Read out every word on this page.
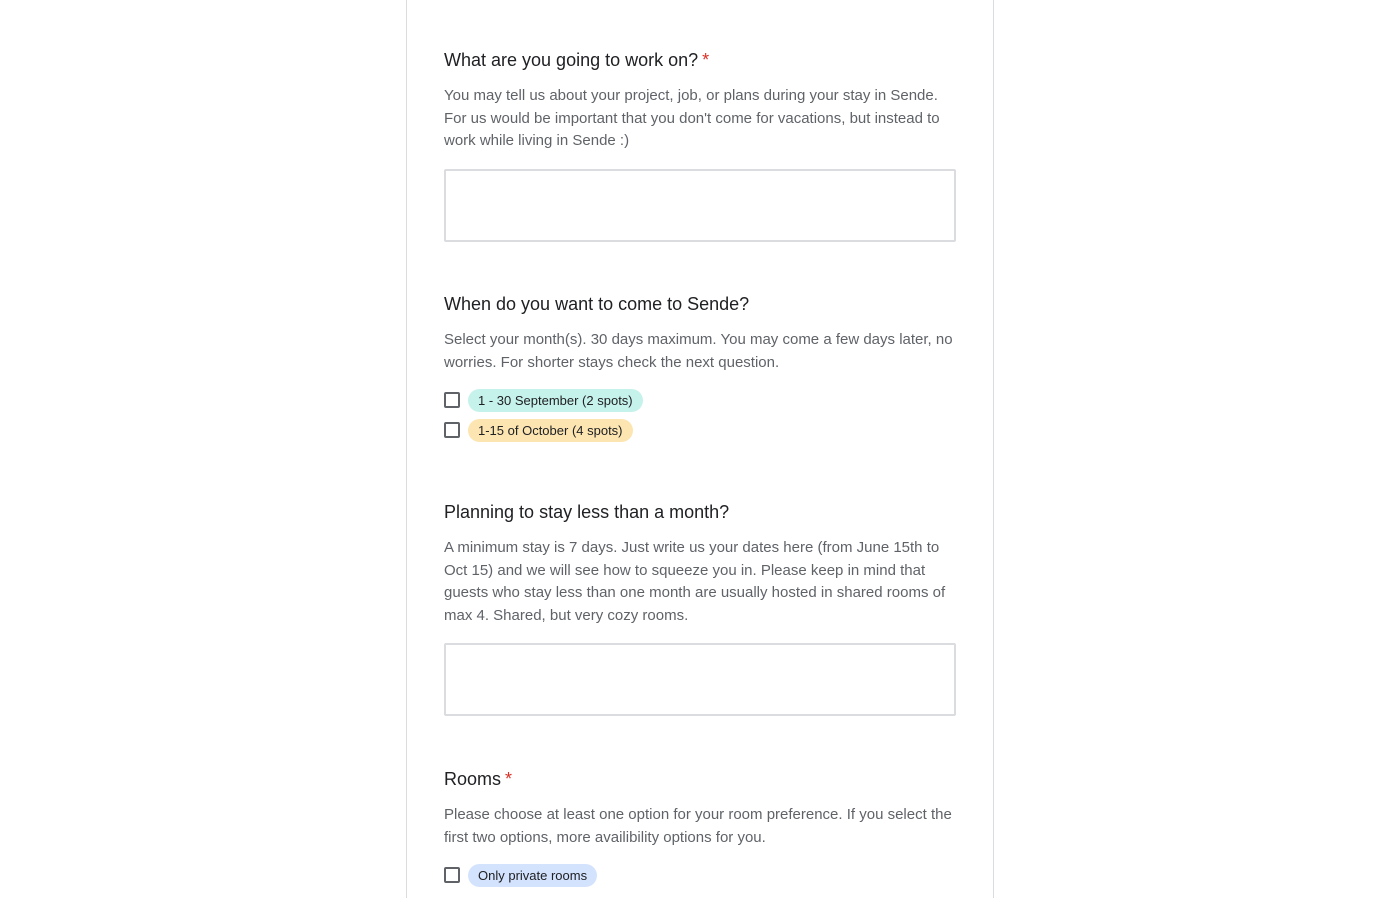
What are you going to work on? *
You may tell us about your project, job, or plans during your stay in Sende. For us would be important that you don't come for vacations, but instead to work while living in Sende :)
When do you want to come to Sende?
Select your month(s). 30 days maximum. You may come a few days later, no worries. For shorter stays check the next question.
1 - 30 September (2 spots)
1-15 of October (4 spots)
Planning to stay less than a month?
A minimum stay is 7 days. Just write us your dates here (from June 15th to Oct 15) and we will see how to squeeze you in. Please keep in mind that guests who stay less than one month are usually hosted in shared rooms of max 4. Shared, but very cozy rooms.
Rooms *
Please choose at least one option for your room preference. If you select the first two options, more availibility options for you.
Only private rooms
